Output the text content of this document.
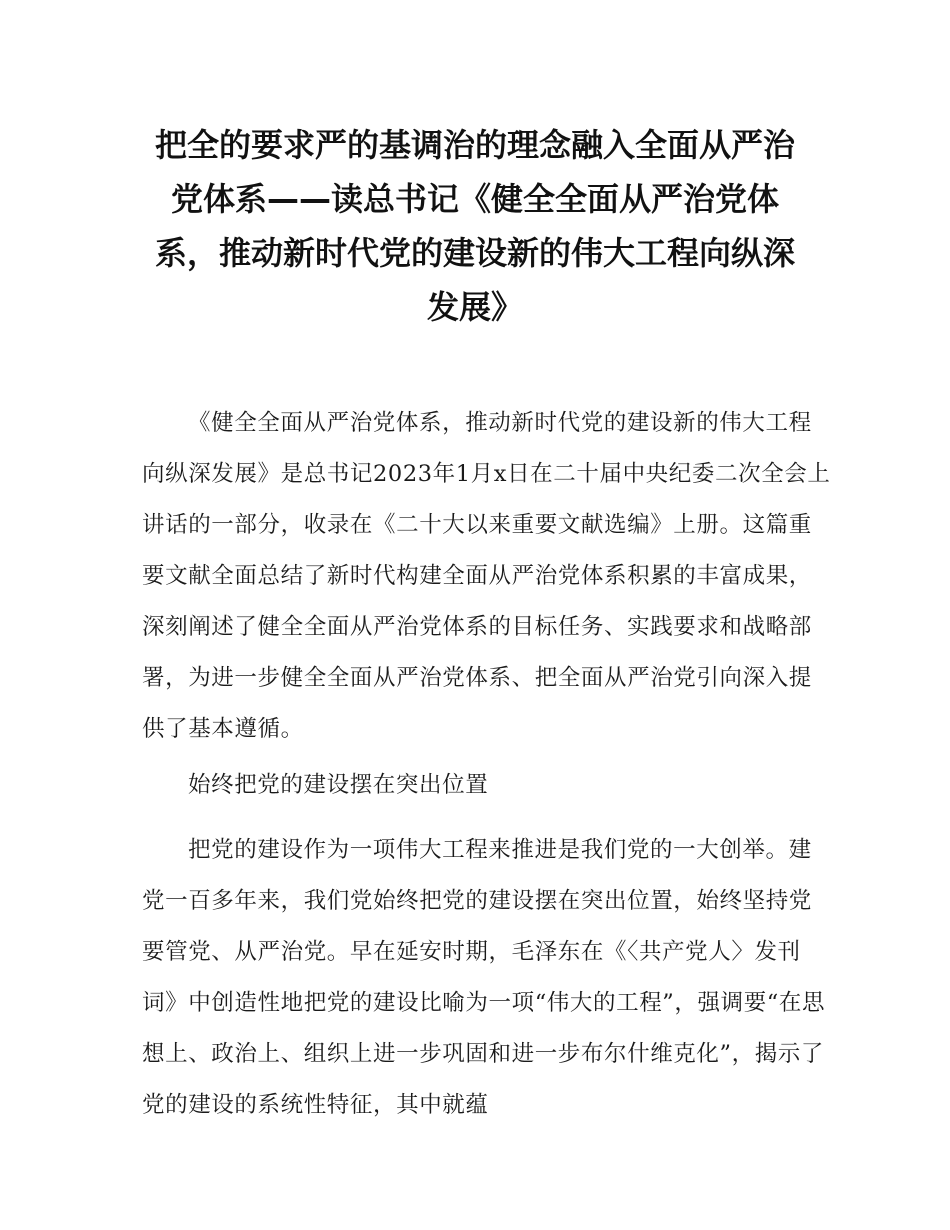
把全的要求严的基调治的理念融入全面从严治党体系——读总书记《健全全面从严治党体系，推动新时代党的建设新的伟大工程向纵深发展》

《健全全面从严治党体系，推动新时代党的建设新的伟大工程向纵深发展》是总书记2023年1月x日在二十届中央纪委二次全会上讲话的一部分，收录在《二十大以来重要文献选编》上册。这篇重要文献全面总结了新时代构建全面从严治党体系积累的丰富成果，深刻阐述了健全全面从严治党体系的目标任务、实践要求和战略部署，为进一步健全全面从严治党体系、把全面从严治党引向深入提供了基本遵循。

始终把党的建设摆在突出位置

把党的建设作为一项伟大工程来推进是我们党的一大创举。建党一百多年来，我们党始终把党的建设摆在突出位置，始终坚持党要管党、从严治党。早在延安时期，毛泽东在《〈共产党人〉发刊词》中创造性地把党的建设比喻为一项“伟大的工程”，强调要“在思想上、政治上、组织上进一步巩固和进一步布尔什维克化”，揭示了党的建设的系统性特征，其中就蕴
